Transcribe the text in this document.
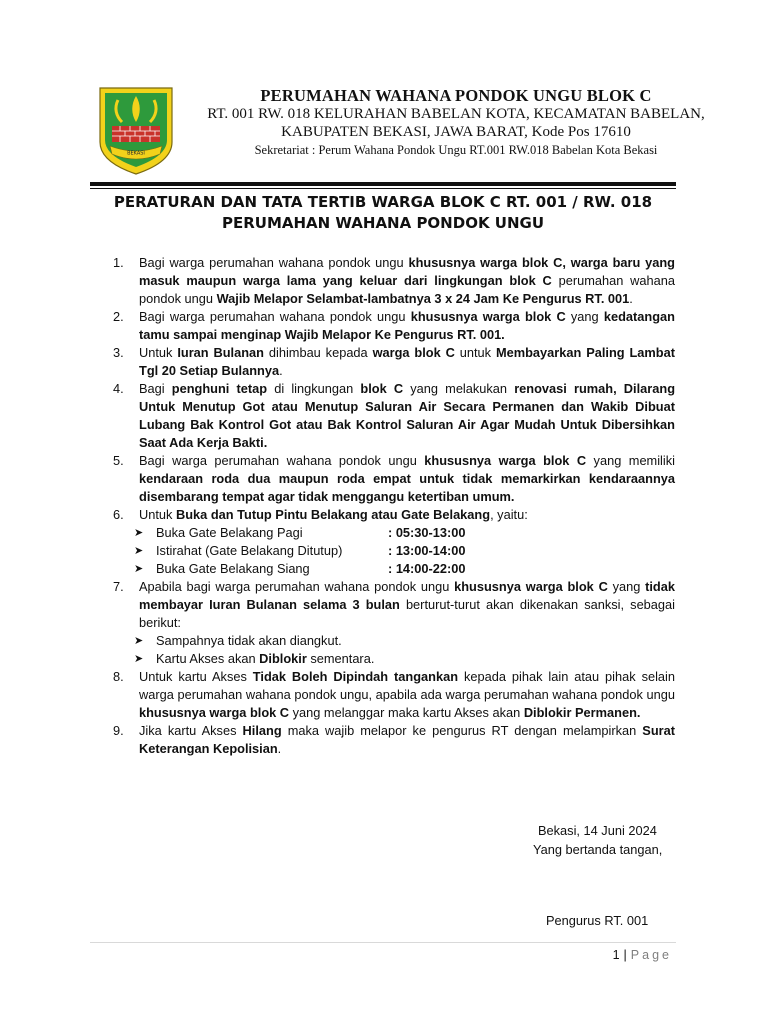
BEKASI
PERUMAHAN WAHANA PONDOK UNGU BLOK C
RT. 001 RW. 018 KELURAHAN BABELAN KOTA, KECAMATAN BABELAN,
KABUPATEN BEKASI, JAWA BARAT, Kode Pos 17610
Sekretariat : Perum Wahana Pondok Ungu RT.001 RW.018 Babelan Kota Bekasi
PERATURAN DAN TATA TERTIB WARGA BLOK C RT. 001 / RW. 018
PERUMAHAN WAHANA PONDOK UNGU
1. Bagi warga perumahan wahana pondok ungu khususnya warga blok C, warga baru yang masuk maupun warga lama yang keluar dari lingkungan blok C perumahan wahana pondok ungu Wajib Melapor Selambat-lambatnya 3 x 24 Jam Ke Pengurus RT. 001.
2. Bagi warga perumahan wahana pondok ungu khususnya warga blok C yang kedatangan tamu sampai menginap Wajib Melapor Ke Pengurus RT. 001.
3. Untuk Iuran Bulanan dihimbau kepada warga blok C untuk Membayarkan Paling Lambat Tgl 20 Setiap Bulannya.
4. Bagi penghuni tetap di lingkungan blok C yang melakukan renovasi rumah, Dilarang Untuk Menutup Got atau Menutup Saluran Air Secara Permanen dan Wakib Dibuat Lubang Bak Kontrol Got atau Bak Kontrol Saluran Air Agar Mudah Untuk Dibersihkan Saat Ada Kerja Bakti.
5. Bagi warga perumahan wahana pondok ungu khususnya warga blok C yang memiliki kendaraan roda dua maupun roda empat untuk tidak memarkirkan kendaraannya disembarang tempat agar tidak menggangu ketertiban umum.
6. Untuk Buka dan Tutup Pintu Belakang atau Gate Belakang, yaitu:
➤ Buka Gate Belakang Pagi	: 05:30-13:00
➤ Istirahat (Gate Belakang Ditutup)	: 13:00-14:00
➤ Buka Gate Belakang Siang	: 14:00-22:00
7. Apabila bagi warga perumahan wahana pondok ungu khususnya warga blok C yang tidak membayar Iuran Bulanan selama 3 bulan berturut-turut akan dikenakan sanksi, sebagai berikut:
➤ Sampahnya tidak akan diangkut.
➤ Kartu Akses akan Diblokir sementara.
8. Untuk kartu Akses Tidak Boleh Dipindah tangankan kepada pihak lain atau pihak selain warga perumahan wahana pondok ungu, apabila ada warga perumahan wahana pondok ungu khususnya warga blok C yang melanggar maka kartu Akses akan Diblokir Permanen.
9. Jika kartu Akses Hilang maka wajib melapor ke pengurus RT dengan melampirkan Surat Keterangan Kepolisian.
Bekasi, 14 Juni 2024
Yang bertanda tangan,
Pengurus RT. 001
1 | Page
